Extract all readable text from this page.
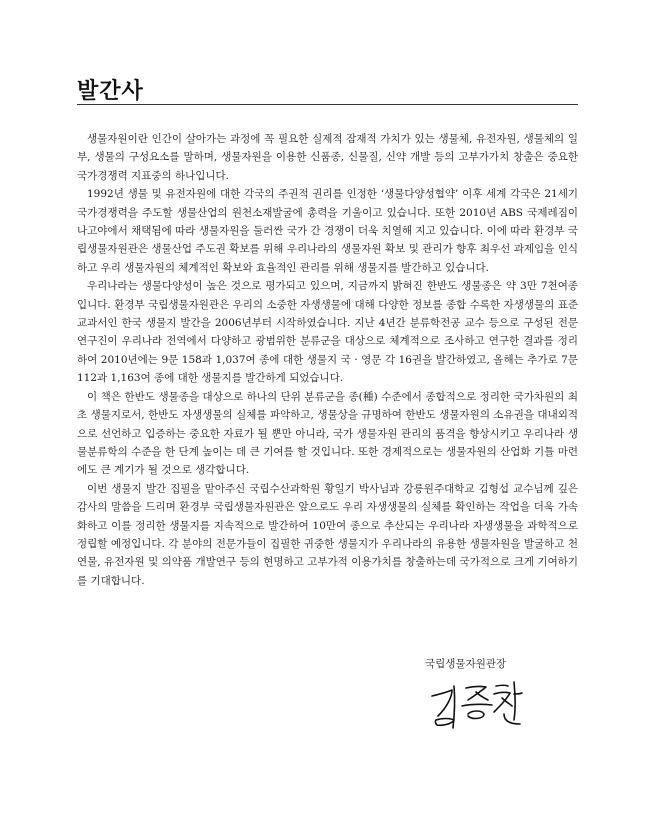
발간사

생물자원이란 인간이 살아가는 과정에 꼭 필요한 실제적 잠재적 가치가 있는 생물체, 유전자원, 생물체의 일부, 생물의 구성요소를 말하며, 생물자원을 이용한 신품종, 신물질, 신약 개발 등의 고부가가치 창출은 중요한 국가경쟁력 지표중의 하나입니다.

1992년 생물 및 유전자원에 대한 각국의 주권적 권리를 인정한 ‘생물다양성협약’ 이후 세계 각국은 21세기 국가경쟁력을 주도할 생물산업의 원천소재발굴에 총력을 기울이고 있습니다. 또한 2010년 ABS 국제레짐이 나고야에서 채택됨에 따라 생물자원을 둘러싼 국가 간 경쟁이 더욱 치열해 지고 있습니다. 이에 따라 환경부 국립생물자원관은 생물산업 주도권 확보를 위해 우리나라의 생물자원 확보 및 관리가 향후 최우선 과제임을 인식하고 우리 생물자원의 체계적인 확보와 효율적인 관리를 위해 생물지를 발간하고 있습니다.

우리나라는 생물다양성이 높은 것으로 평가되고 있으며, 지금까지 밝혀진 한반도 생물종은 약 3만 7천여종 입니다. 환경부 국립생물자원관은 우리의 소중한 자생생물에 대해 다양한 정보를 종합 수록한 자생생물의 표준 교과서인 한국 생물지 발간을 2006년부터 시작하였습니다. 지난 4년간 분류학전공 교수 등으로 구성된 전문연구진이 우리나라 전역에서 다양하고 광범위한 분류군을 대상으로 체계적으로 조사하고 연구한 결과를 정리하여 2010년에는 9문 158과 1,037여 종에 대한 생물지 국 · 영문 각 16권을 발간하였고, 올해는 추가로 7문 112과 1,163여 종에 대한 생물지를 발간하게 되었습니다.

이 책은 한반도 생물종을 대상으로 하나의 단위 분류군을 종(種) 수준에서 종합적으로 정리한 국가차원의 최초 생물지로서, 한반도 자생생물의 실체를 파악하고, 생물상을 규명하여 한반도 생물자원의 소유권을 대내외적으로 선언하고 입증하는 중요한 자료가 될 뿐만 아니라, 국가 생물자원 관리의 품격을 향상시키고 우리나라 생물분류학의 수준을 한 단계 높이는 데 큰 기여를 할 것입니다. 또한 경제적으로는 생물자원의 산업화 기틀 마련에도 큰 계기가 될 것으로 생각합니다.

이번 생물지 발간 집필을 맡아주신 국립수산과학원 황일기 박사님과 강릉원주대학교 김형섭 교수님께 깊은 감사의 말씀을 드리며 환경부 국립생물자원관은 앞으로도 우리 자생생물의 실체를 확인하는 작업을 더욱 가속화하고 이를 정리한 생물지를 지속적으로 발간하여 10만여 종으로 추산되는 우리나라 자생생물을 과학적으로 정립할 예정입니다. 각 분야의 전문가들이 집필한 귀중한 생물지가 우리나라의 유용한 생물자원을 발굴하고 천연물, 유전자원 및 의약품 개발연구 등의 현명하고 고부가적 이용가치를 창출하는데 국가적으로 크게 기여하기를 기대합니다.

국립생물자원관장
